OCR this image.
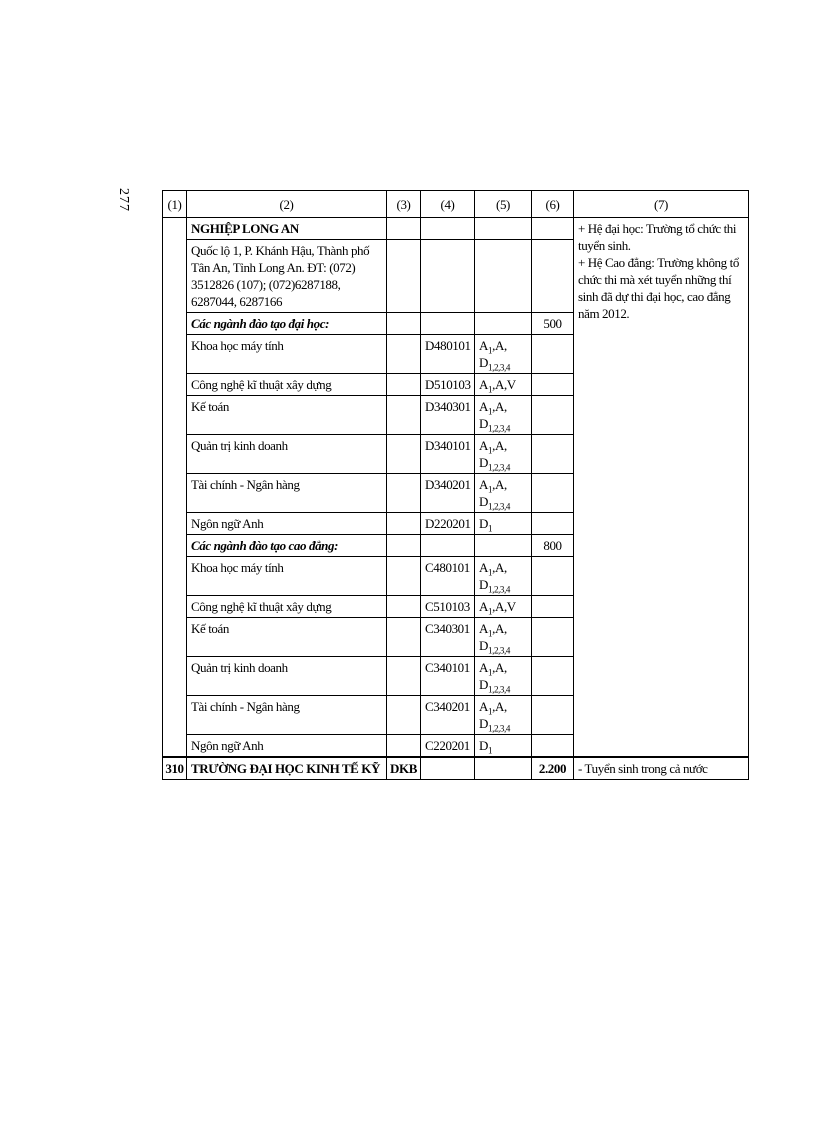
277	(1)	(2)	(3)	(4)	(5)	(6)	(7)
	NGHIỆP LONG AN					+ Hệ đại học: Trường tổ chức thi tuyển sinh.
+ Hệ Cao đẳng: Trường không tổ chức thi mà xét tuyển những thí sinh đã dự thi đại học, cao đẳng năm 2012.

	Quốc lộ 1, P. Khánh Hậu, Thành phố Tân An, Tỉnh Long An. ĐT: (072) 3512826 (107); (072)6287188, 6287044, 6287166					
	Các ngành đào tạo đại học:				500	
	Khoa học máy tính		D480101	$A_1,A$,
$D_{1,2,3,4}$	
	Công nghệ kĩ thuật xây dựng		D510103	$A_1,A,V$		
	Kế toán		D340301	$A_1,A$,
$D_{1,2,3,4}$	
	Quản trị kinh doanh		D340101	$A_1,A$,
$D_{1,2,3,4}$	
	Tài chính - Ngân hàng		D340201	$A_1,A$,
$D_{1,2,3,4}$	
	Ngôn ngữ Anh		D220201	$D_1$	
	Các ngành đào tạo cao đẳng:				800	
	Khoa học máy tính		C480101	$A_1,A$,
$D_{1,2,3,4}$	
	Công nghệ kĩ thuật xây dựng		C510103	$A_1,A,V$		
	Kế toán		C340301	$A_1,A$,
$D_{1,2,3,4}$	
	Quản trị kinh doanh		C340101	$A_1,A$,
$D_{1,2,3,4}$	
	Tài chính - Ngân hàng		C340201	$A_1,A$,
$D_{1,2,3,4}$	
	Ngôn ngữ Anh		C220201	$D_1$	
310	TRƯỜNG ĐẠI HỌC KINH TẾ KỸ	DKB			2.200	- Tuyển sinh trong cả nước
